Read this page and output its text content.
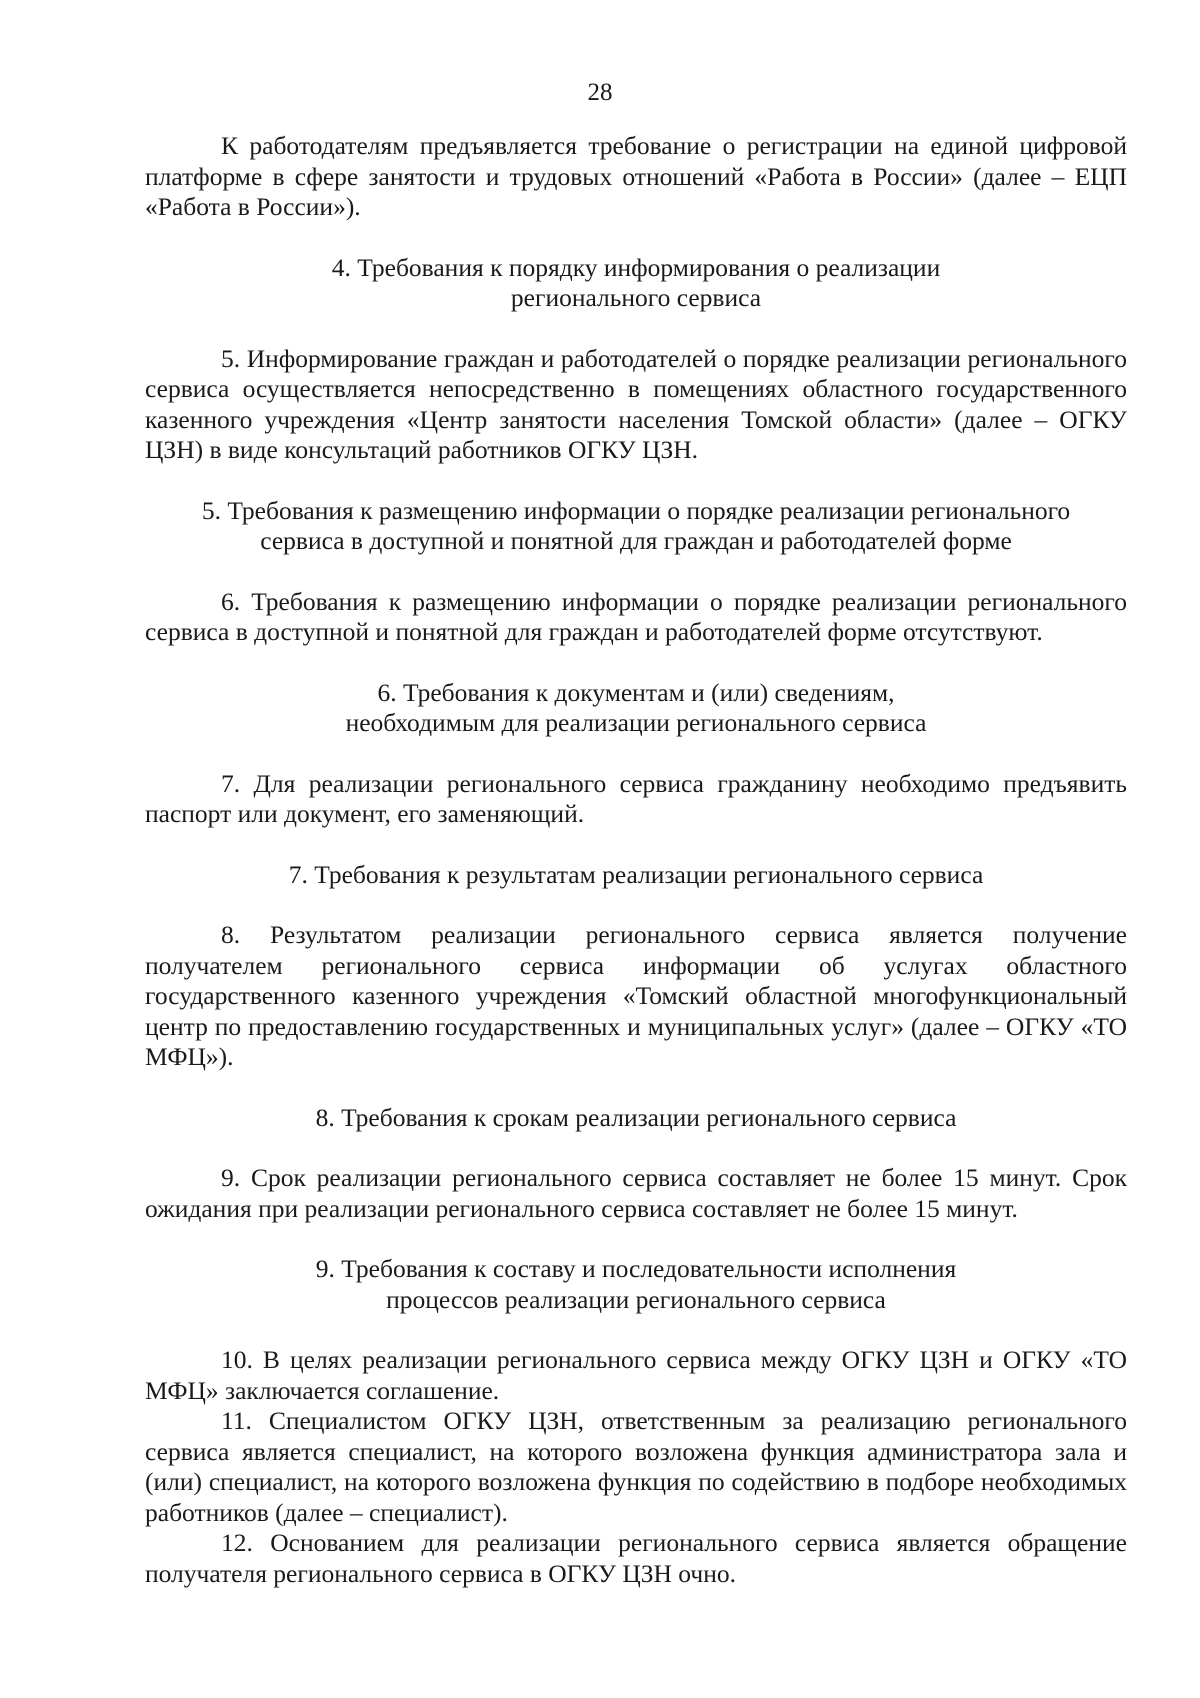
28

К работодателям предъявляется требование о регистрации на единой цифровой платформе в сфере занятости и трудовых отношений «Работа в России» (далее – ЕЦП «Работа в России»).

4. Требования к порядку информирования о реализации
регионального сервиса

5. Информирование граждан и работодателей о порядке реализации регионального сервиса осуществляется непосредственно в помещениях областного государственного казенного учреждения «Центр занятости населения Томской области» (далее – ОГКУ ЦЗН) в виде консультаций работников ОГКУ ЦЗН.

5. Требования к размещению информации о порядке реализации регионального
сервиса в доступной и понятной для граждан и работодателей форме

6. Требования к размещению информации о порядке реализации регионального сервиса в доступной и понятной для граждан и работодателей форме отсутствуют.

6. Требования к документам и (или) сведениям,
необходимым для реализации регионального сервиса

7. Для реализации регионального сервиса гражданину необходимо предъявить паспорт или документ, его заменяющий.

7. Требования к результатам реализации регионального сервиса

8. Результатом реализации регионального сервиса является получение получателем регионального сервиса информации об услугах областного государственного казенного учреждения «Томский областной многофункциональный центр по предоставлению государственных и муниципальных услуг» (далее – ОГКУ «ТО МФЦ»).

8. Требования к срокам реализации регионального сервиса

9. Срок реализации регионального сервиса составляет не более 15 минут. Срок ожидания при реализации регионального сервиса составляет не более 15 минут.

9. Требования к составу и последовательности исполнения
процессов реализации регионального сервиса

10. В целях реализации регионального сервиса между ОГКУ ЦЗН и ОГКУ «ТО МФЦ» заключается соглашение.

11. Специалистом ОГКУ ЦЗН, ответственным за реализацию регионального сервиса является специалист, на которого возложена функция администратора зала и (или) специалист, на которого возложена функция по содействию в подборе необходимых работников (далее – специалист).

12. Основанием для реализации регионального сервиса является обращение получателя регионального сервиса в ОГКУ ЦЗН очно.
